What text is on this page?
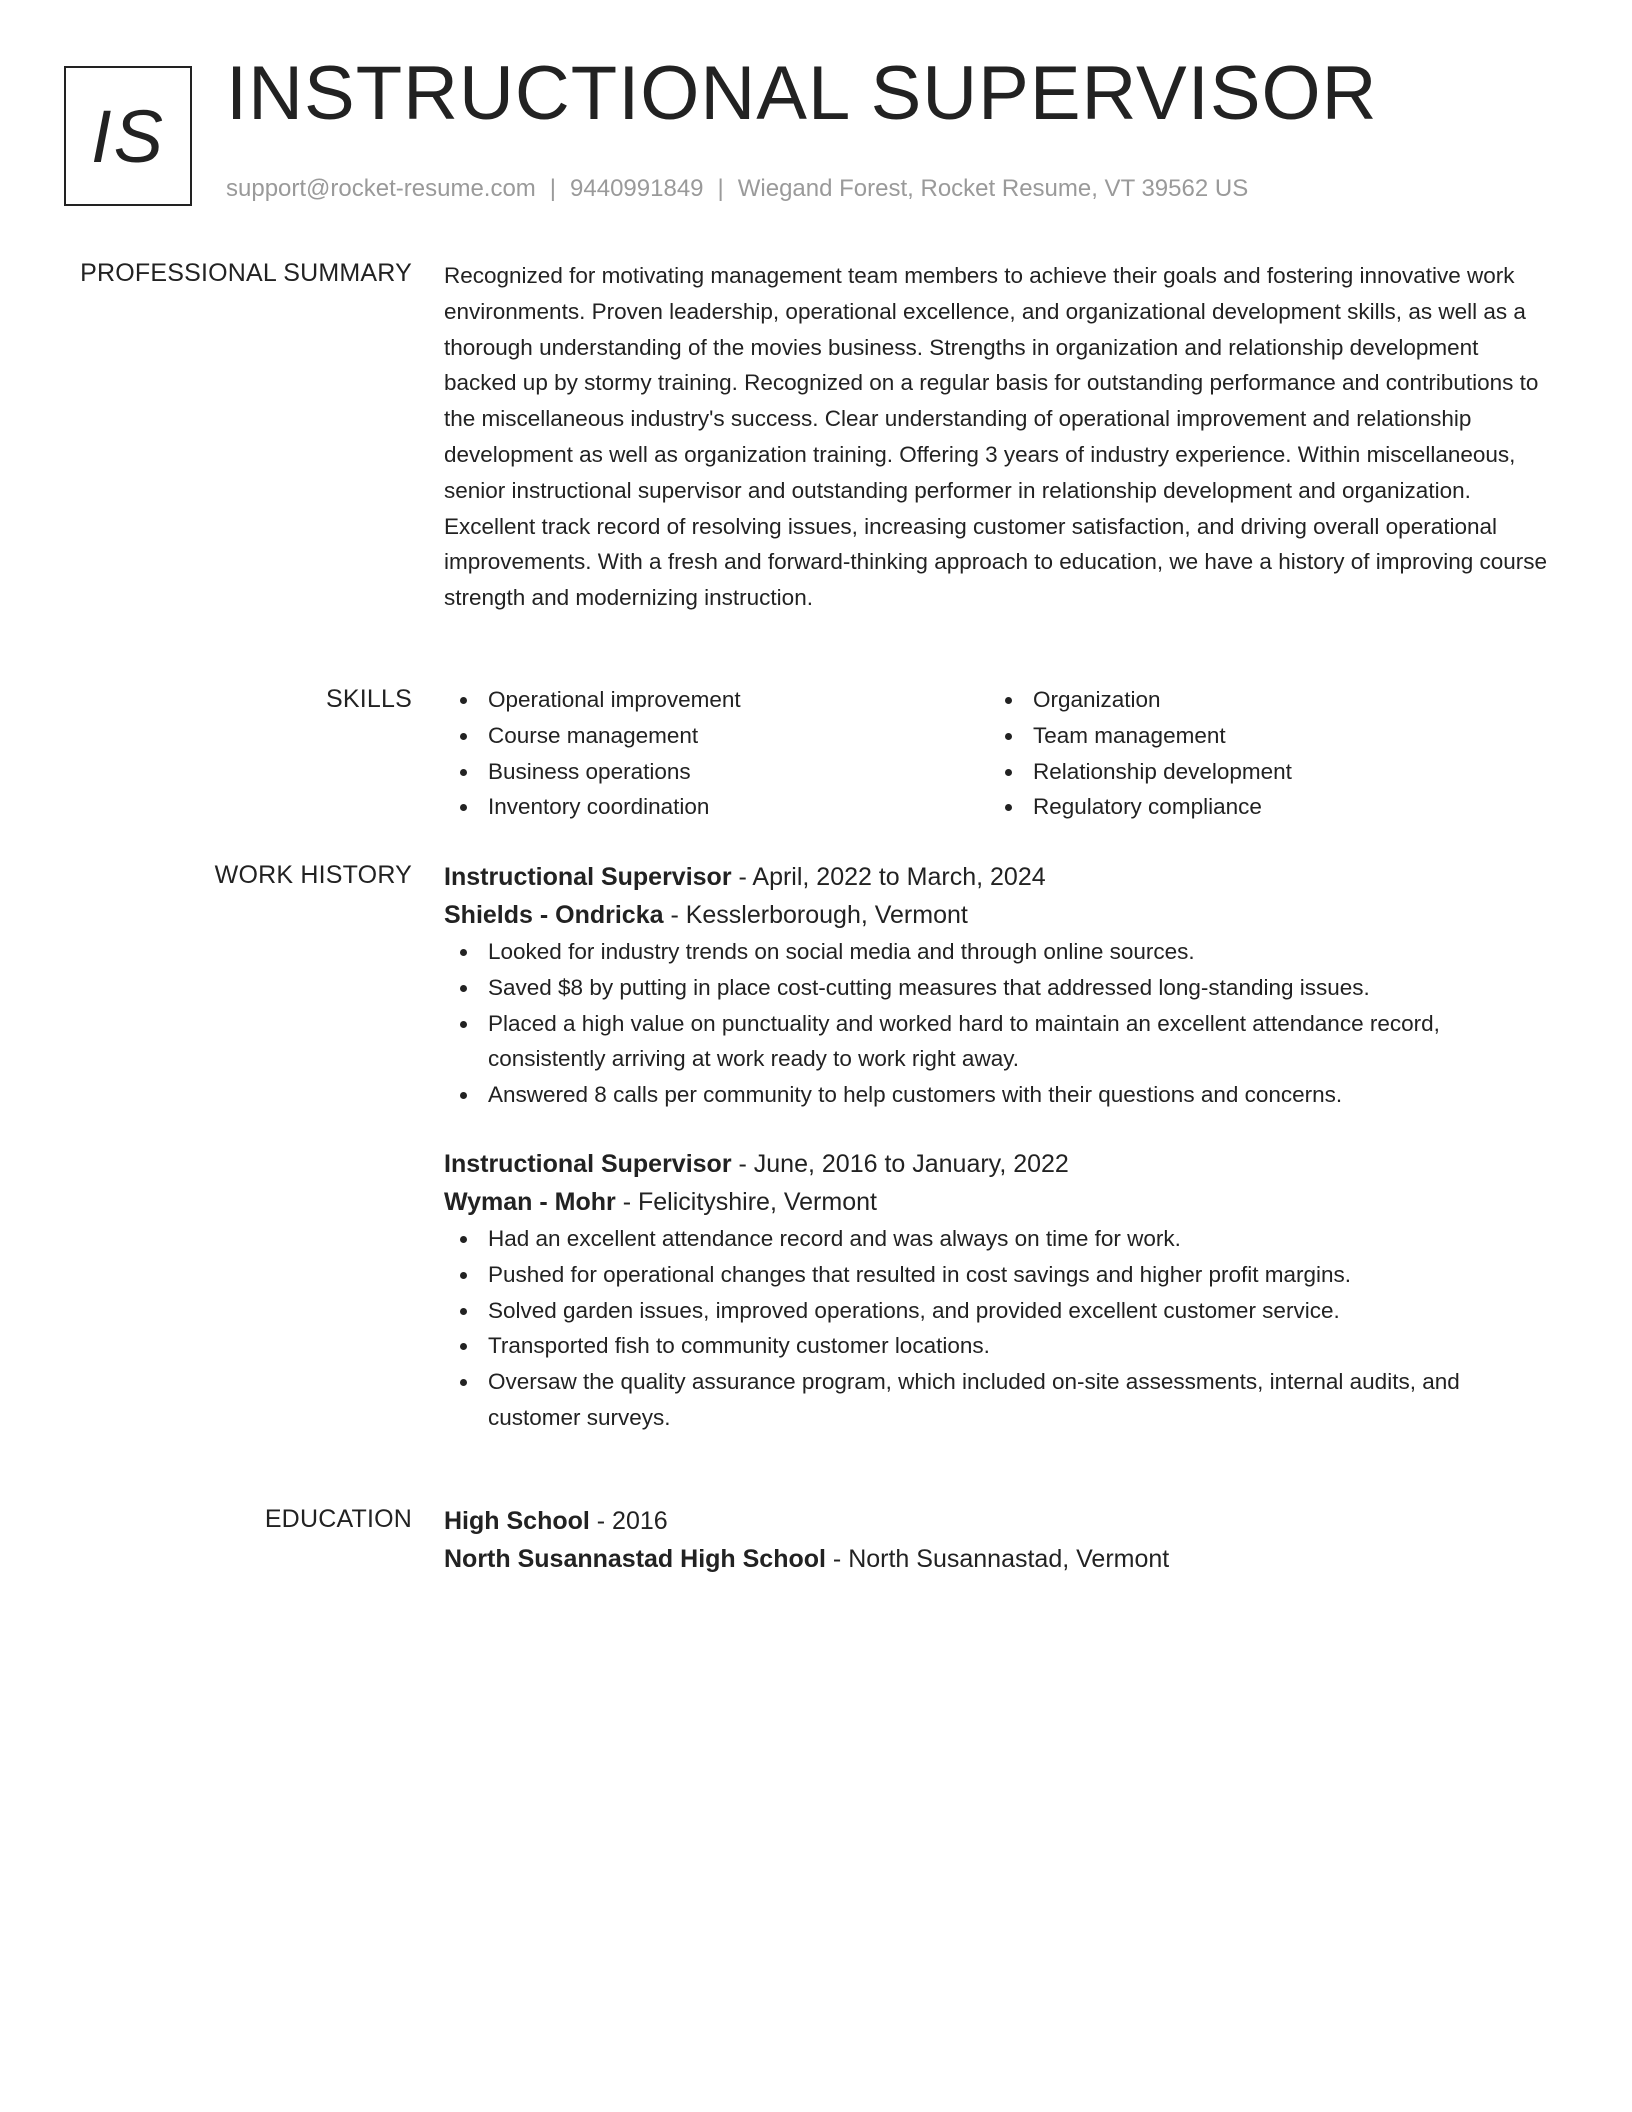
IS INSTRUCTIONAL SUPERVISOR
support@rocket-resume.com | 9440991849 | Wiegand Forest, Rocket Resume, VT 39562 US
PROFESSIONAL SUMMARY Recognized for motivating management team members to achieve their goals and fostering innovative work environments. Proven leadership, operational excellence, and organizational development skills, as well as a thorough understanding of the movies business. Strengths in organization and relationship development backed up by stormy training. Recognized on a regular basis for outstanding performance and contributions to the miscellaneous industry's success. Clear understanding of operational improvement and relationship development as well as organization training. Offering 3 years of industry experience. Within miscellaneous, senior instructional supervisor and outstanding performer in relationship development and organization. Excellent track record of resolving issues, increasing customer satisfaction, and driving overall operational improvements. With a fresh and forward-thinking approach to education, we have a history of improving course strength and modernizing instruction.

SKILLS	Operational improvement
Course management
Business operations
Inventory coordination
Organization
Team management
Relationship development
Regulatory compliance
WORK HISTORY Instructional Supervisor - April, 2022 to March, 2024
Shields - Ondricka - Kesslerborough, Vermont
Looked for industry trends on social media and through online sources.
Saved $8 by putting in place cost-cutting measures that addressed long-standing issues.
Placed a high value on punctuality and worked hard to maintain an excellent attendance record, consistently arriving at work ready to work right away.
Answered 8 calls per community to help customers with their questions and concerns.
Instructional Supervisor - June, 2016 to January, 2022
Wyman - Mohr - Felicityshire, Vermont
Had an excellent attendance record and was always on time for work.
Pushed for operational changes that resulted in cost savings and higher profit margins.
Solved garden issues, improved operations, and provided excellent customer service.
Transported fish to community customer locations.
Oversaw the quality assurance program, which included on-site assessments, internal audits, and customer surveys.
EDUCATION High School - 2016
North Susannastad High School - North Susannastad, Vermont
